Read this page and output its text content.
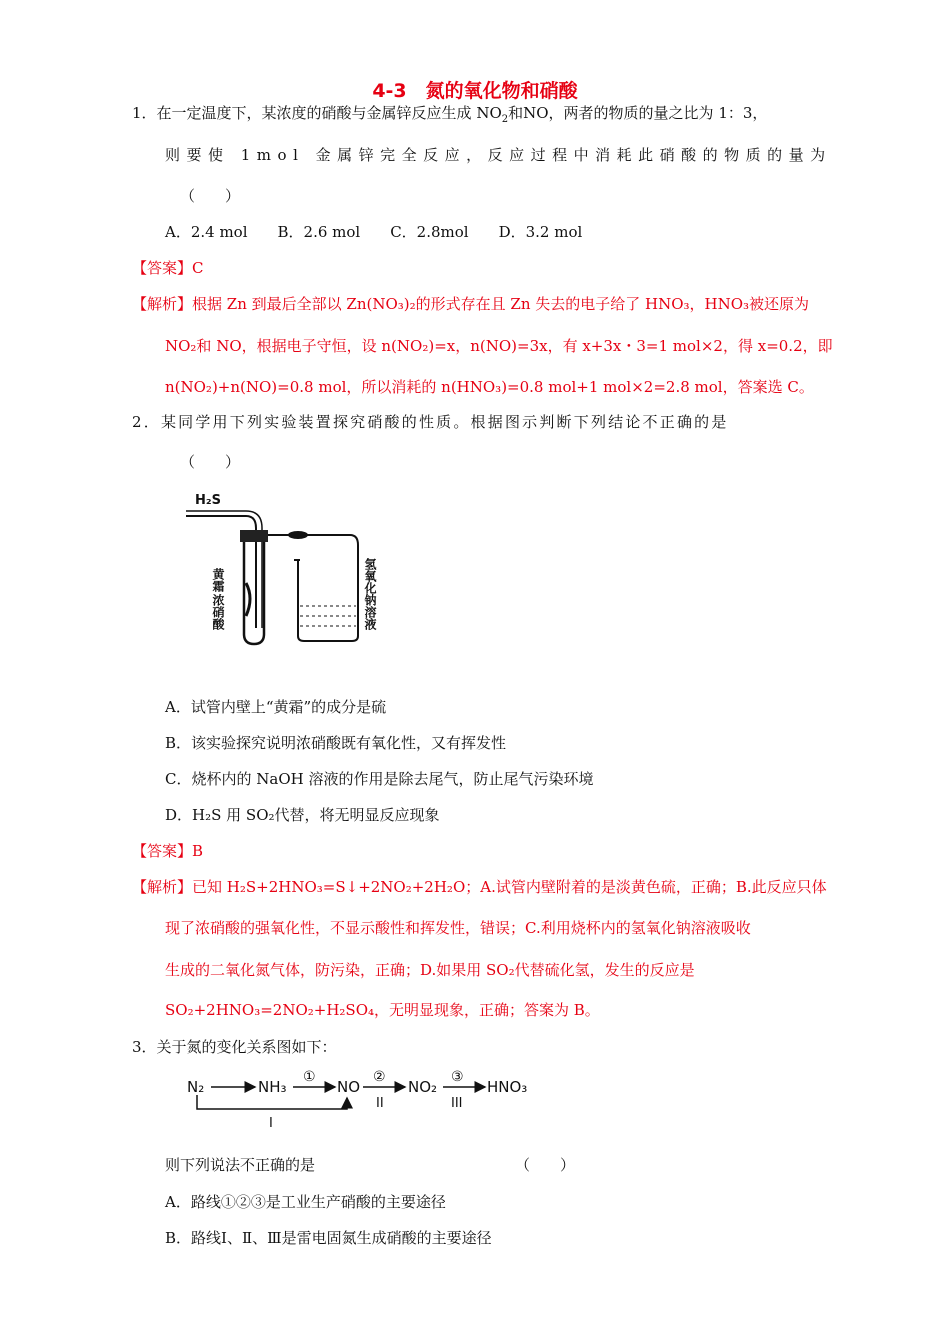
4-3　氮的氧化物和硝酸
1．在一定温度下，某浓度的硝酸与金属锌反应生成 $NO_2$和NO，两者的物质的量之比为 1：3，
则要使 1mol 金属锌完全反应，反应过程中消耗此硝酸的物质的量为
（　　）
A．2.4 mol　　B．2.6 mol　　C．2.8mol　　D．3.2 mol
【答案】C
【解析】根据 Zn 到最后全部以 Zn(NO₃)₂的形式存在且 Zn 失去的电子给了 HNO₃，HNO₃被还原为
NO₂和 NO，根据电子守恒，设 n(NO₂)=x，n(NO)=3x，有 x+3x・3=1 mol×2，得 x=0.2，即
n(NO₂)+n(NO)=0.8 mol，所以消耗的 n(HNO₃)=0.8 mol+1 mol×2=2.8 mol，答案选 C。
2．某同学用下列实验装置探究硝酸的性质。根据图示判断下列结论不正确的是
（　　）
H₂S
黄霜
浓硝酸	氢氧化钠溶液
A．试管内壁上“黄霜”的成分是硫
B．该实验探究说明浓硝酸既有氧化性，又有挥发性
C．烧杯内的 NaOH 溶液的作用是除去尾气，防止尾气污染环境
D．H₂S 用 SO₂代替，将无明显反应现象
【答案】B
【解析】已知 H₂S+2HNO₃=S↓+2NO₂+2H₂O；A.试管内壁附着的是淡黄色硫，正确；B.此反应只体
现了浓硝酸的强氧化性，不显示酸性和挥发性，错误；C.利用烧杯内的氢氧化钠溶液吸收
生成的二氧化氮气体，防污染，正确；D.如果用 SO₂代替硫化氢，发生的反应是
SO₂+2HNO₃=2NO₂+H₂SO₄，无明显现象，正确；答案为 B。
3．关于氮的变化关系图如下：
N₂	NH₃
①
NO
②
II
NO₂
③
III
HNO₃
I
则下列说法不正确的是	（　　）
A．路线①②③是工业生产硝酸的主要途径
B．路线Ⅰ、Ⅱ、Ⅲ是雷电固氮生成硝酸的主要途径
